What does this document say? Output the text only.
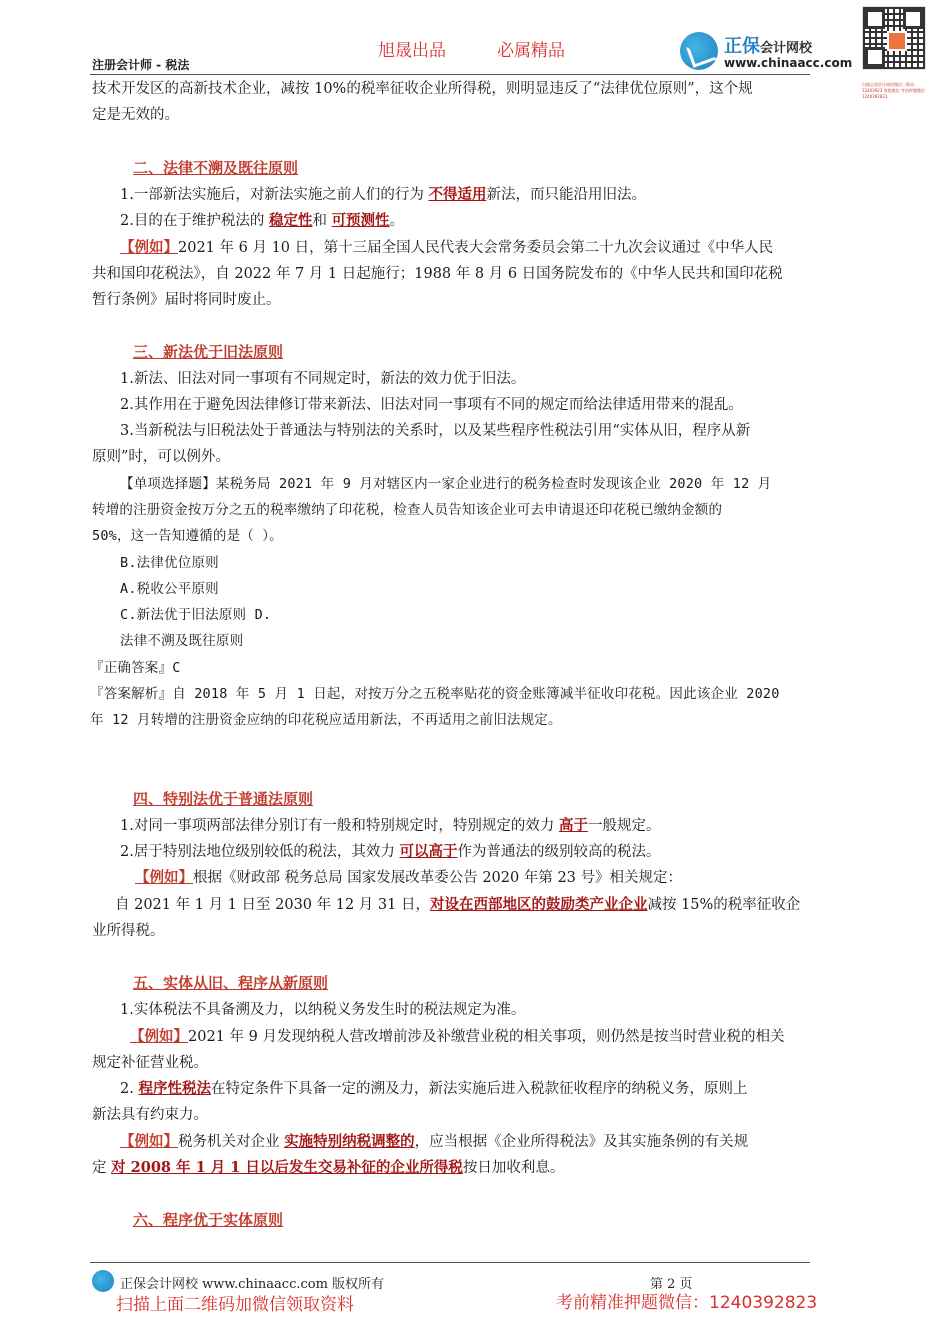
旭晟出品	必属精品
注册会计师 - 税法
正保会计网校
www.chinaacc.com
扫描正保会计网校微信二维码 12403923 客服微信 考前押题微信 1240392823
技术开发区的高新技术企业，减按 10%的税率征收企业所得税，则明显违反了“法律优位原则”，这个规
定是无效的。
二、法律不溯及既往原则
1.一部新法实施后，对新法实施之前人们的行为 不得适用新法，而只能沿用旧法。
2.目的在于维护税法的 稳定性和 可预测性。
【例如】2021 年 6 月 10 日，第十三届全国人民代表大会常务委员会第二十九次会议通过《中华人民
共和国印花税法》，自 2022 年 7 月 1 日起施行；1988 年 8 月 6 日国务院发布的《中华人民共和国印花税
暂行条例》届时将同时废止。
三、新法优于旧法原则
1.新法、旧法对同一事项有不同规定时，新法的效力优于旧法。
2.其作用在于避免因法律修订带来新法、旧法对同一事项有不同的规定而给法律适用带来的混乱。
3.当新税法与旧税法处于普通法与特别法的关系时，以及某些程序性税法引用“实体从旧，程序从新
原则”时，可以例外。
【单项选择题】某税务局 2021 年 9 月对辖区内一家企业进行的税务检查时发现该企业 2020 年 12 月
转增的注册资金按万分之五的税率缴纳了印花税，检查人员告知该企业可去申请退还印花税已缴纳金额的
50%，这一告知遵循的是（ ）。
B.法律优位原则
A.税收公平原则
C.新法优于旧法原则 D.
法律不溯及既往原则
『正确答案』C
『答案解析』自 2018 年 5 月 1 日起，对按万分之五税率贴花的资金账簿减半征收印花税。因此该企业 2020
年 12 月转增的注册资金应纳的印花税应适用新法，不再适用之前旧法规定。
四、特别法优于普通法原则
1.对同一事项两部法律分别订有一般和特别规定时，特别规定的效力 高于一般规定。
2.居于特别法地位级别较低的税法，其效力 可以高于作为普通法的级别较高的税法。
【例如】根据《财政部 税务总局 国家发展改革委公告 2020 年第 23 号》相关规定：
自 2021 年 1 月 1 日至 2030 年 12 月 31 日，对设在西部地区的鼓励类产业企业减按 15%的税率征收企
业所得税。
五、实体从旧、程序从新原则
1.实体税法不具备溯及力，以纳税义务发生时的税法规定为准。
【例如】2021 年 9 月发现纳税人营改增前涉及补缴营业税的相关事项，则仍然是按当时营业税的相关
规定补征营业税。
2. 程序性税法在特定条件下具备一定的溯及力，新法实施后进入税款征收程序的纳税义务，原则上
新法具有约束力。
【例如】税务机关对企业 实施特别纳税调整的，应当根据《企业所得税法》及其实施条例的有关规
定 对 2008 年 1 月 1 日以后发生交易补征的企业所得税按日加收利息。
六、程序优于实体原则
正保会计网校 www.chinaacc.com 版权所有	第 2 页
扫描上面二维码加微信领取资料	考前精准押题微信：1240392823
